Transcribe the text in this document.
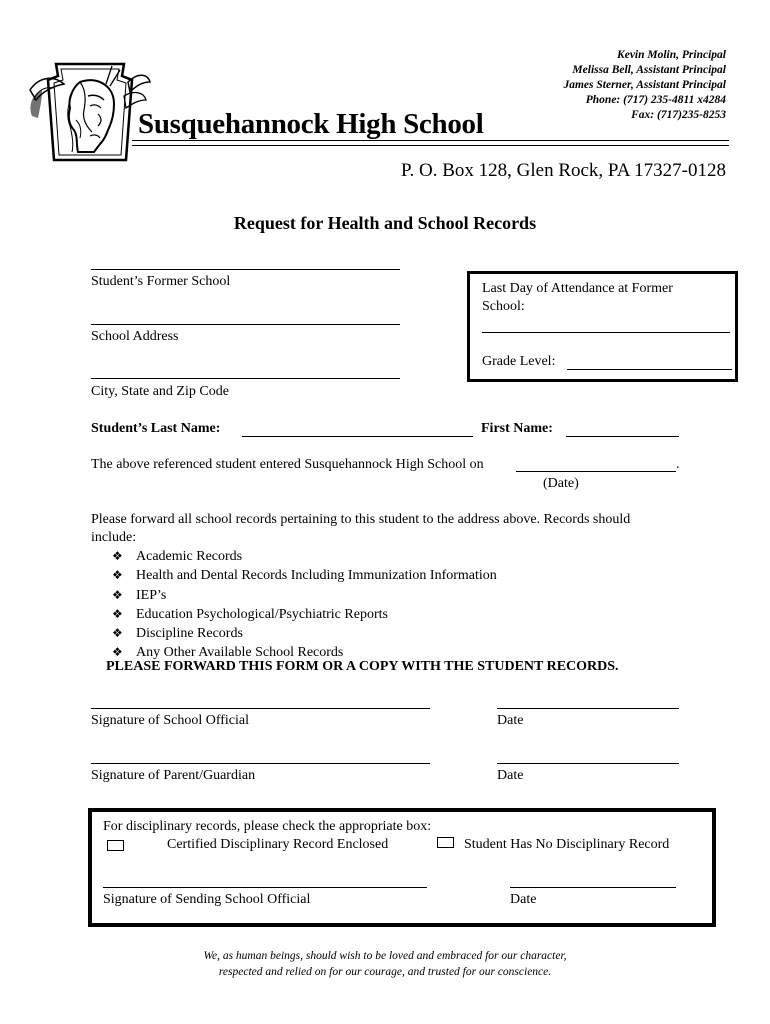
Kevin Molin, Principal
Melissa Bell, Assistant Principal
James Sterner, Assistant Principal
Phone: (717) 235-4811 x4284
Fax: (717)235-8253
Susquehannock High School
P. O. Box 128, Glen Rock, PA 17327-0128
Request for Health and School Records
Student’s Former School
School Address
City, State and Zip Code
Last Day of Attendance at Former
School:
Grade Level:
Student’s Last Name:	First Name:
The above referenced student entered Susquehannock High School on	.
(Date)
Please forward all school records pertaining to this student to the address above. Records should
include:
❖ Academic Records
❖ Health and Dental Records Including Immunization Information
❖ IEP’s
❖ Education Psychological/Psychiatric Reports
❖ Discipline Records
❖ Any Other Available School Records
PLEASE FORWARD THIS FORM OR A COPY WITH THE STUDENT RECORDS.
Signature of School Official	Date
Signature of Parent/Guardian	Date
For disciplinary records, please check the appropriate box:
Certified Disciplinary Record Enclosed	Student Has No Disciplinary Record
Signature of Sending School Official	Date
We, as human beings, should wish to be loved and embraced for our character,
respected and relied on for our courage, and trusted for our conscience.
